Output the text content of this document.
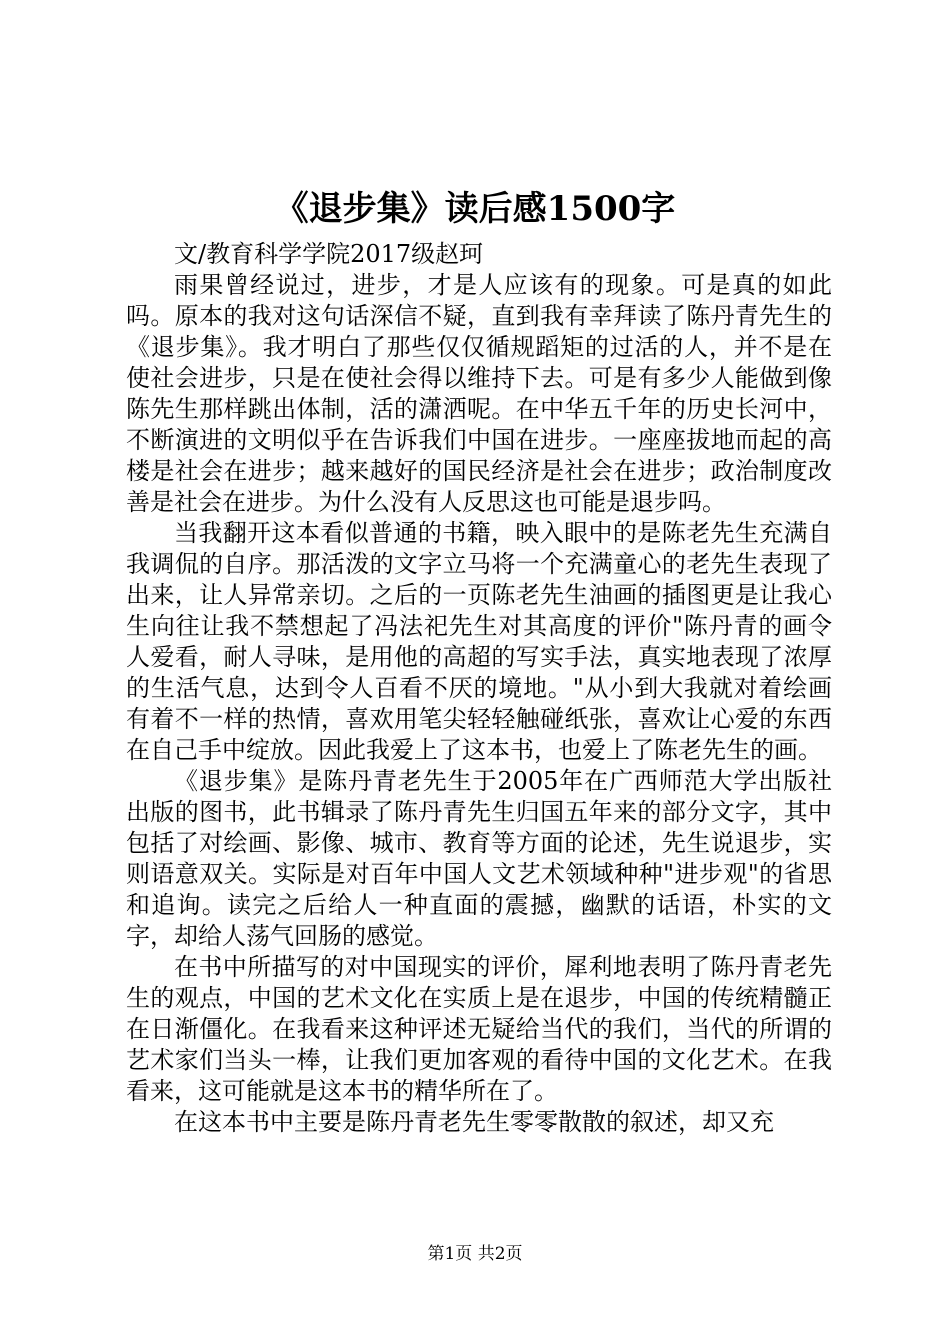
《退步集》读后感1500字

文/教育科学学院2017级赵珂

雨果曾经说过，进步，才是人应该有的现象。可是真的如此吗。原本的我对这句话深信不疑，直到我有幸拜读了陈丹青先生的《退步集》。我才明白了那些仅仅循规蹈矩的过活的人，并不是在使社会进步，只是在使社会得以维持下去。可是有多少人能做到像陈先生那样跳出体制，活的潇洒呢。在中华五千年的历史长河中，不断演进的文明似乎在告诉我们中国在进步。一座座拔地而起的高楼是社会在进步；越来越好的国民经济是社会在进步；政治制度改善是社会在进步。为什么没有人反思这也可能是退步吗。

当我翻开这本看似普通的书籍，映入眼中的是陈老先生充满自我调侃的自序。那活泼的文字立马将一个充满童心的老先生表现了出来，让人异常亲切。之后的一页陈老先生油画的插图更是让我心生向往让我不禁想起了冯法祀先生对其高度的评价"陈丹青的画令人爱看，耐人寻味，是用他的高超的写实手法，真实地表现了浓厚的生活气息，达到令人百看不厌的境地。"从小到大我就对着绘画有着不一样的热情，喜欢用笔尖轻轻触碰纸张，喜欢让心爱的东西在自己手中绽放。因此我爱上了这本书，也爱上了陈老先生的画。

《退步集》是陈丹青老先生于2005年在广西师范大学出版社出版的图书，此书辑录了陈丹青先生归国五年来的部分文字，其中包括了对绘画、影像、城市、教育等方面的论述，先生说退步，实则语意双关。实际是对百年中国人文艺术领域种种"进步观"的省思和追询。读完之后给人一种直面的震撼，幽默的话语，朴实的文字，却给人荡气回肠的感觉。

在书中所描写的对中国现实的评价，犀利地表明了陈丹青老先生的观点，中国的艺术文化在实质上是在退步，中国的传统精髓正在日渐僵化。在我看来这种评述无疑给当代的我们，当代的所谓的艺术家们当头一棒，让我们更加客观的看待中国的文化艺术。在我看来，这可能就是这本书的精华所在了。

在这本书中主要是陈丹青老先生零零散散的叙述，却又充

第1页 共2页
